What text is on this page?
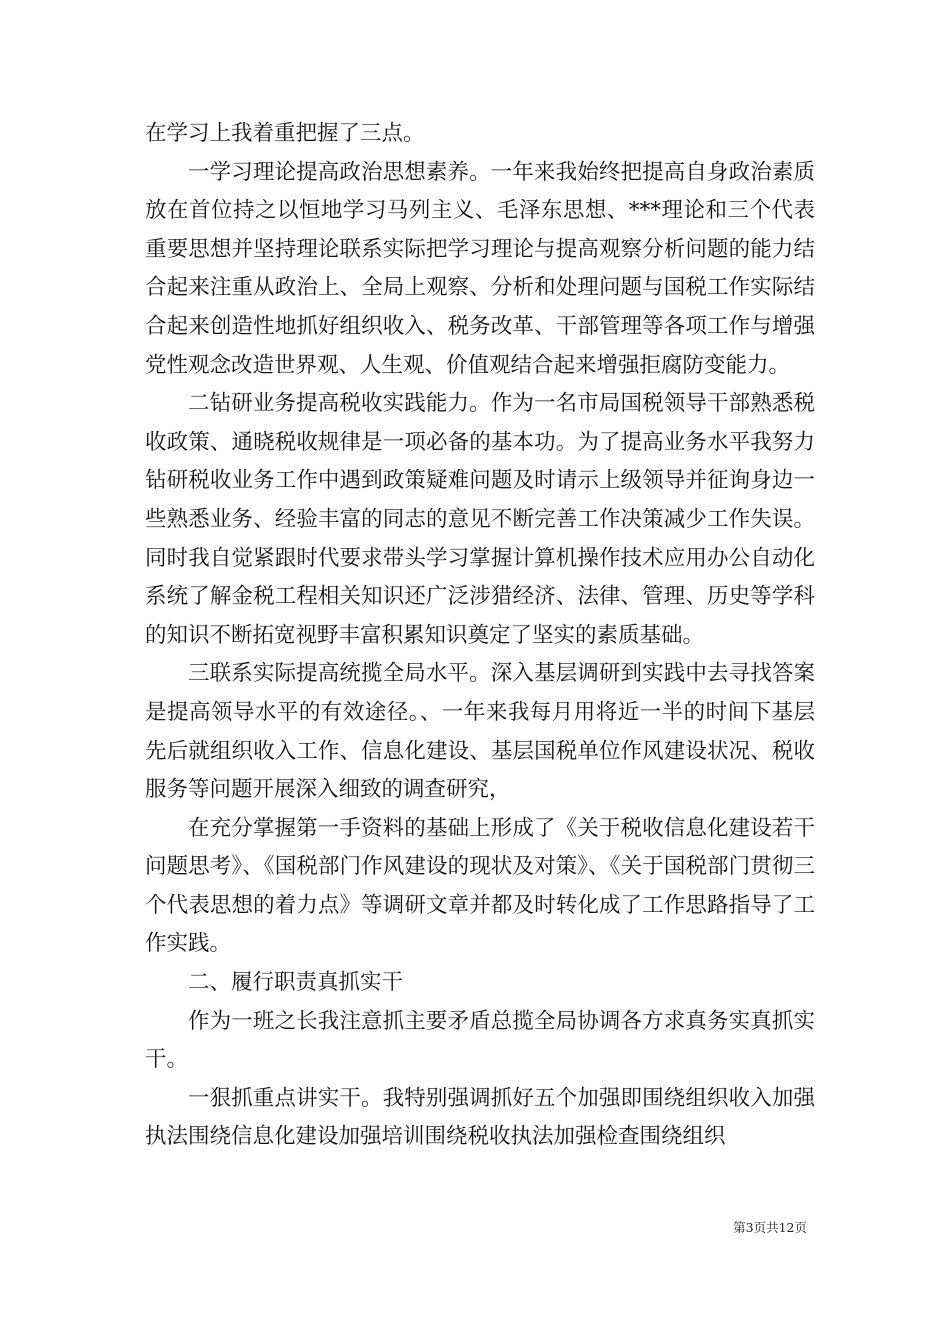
在学习上我着重把握了三点。

一学习理论提高政治思想素养。一年来我始终把提高自身政治素质放在首位持之以恒地学习马列主义、毛泽东思想、***理论和三个代表重要思想并坚持理论联系实际把学习理论与提高观察分析问题的能力结合起来注重从政治上、全局上观察、分析和处理问题与国税工作实际结合起来创造性地抓好组织收入、税务改革、干部管理等各项工作与增强党性观念改造世界观、人生观、价值观结合起来增强拒腐防变能力。

二钻研业务提高税收实践能力。作为一名市局国税领导干部熟悉税收政策、通晓税收规律是一项必备的基本功。为了提高业务水平我努力钻研税收业务工作中遇到政策疑难问题及时请示上级领导并征询身边一些熟悉业务、经验丰富的同志的意见不断完善工作决策减少工作失误。同时我自觉紧跟时代要求带头学习掌握计算机操作技术应用办公自动化系统了解金税工程相关知识还广泛涉猎经济、法律、管理、历史等学科的知识不断拓宽视野丰富积累知识奠定了坚实的素质基础。

三联系实际提高统揽全局水平。深入基层调研到实践中去寻找答案是提高领导水平的有效途径。、一年来我每月用将近一半的时间下基层先后就组织收入工作、信息化建设、基层国税单位作风建设状况、税收服务等问题开展深入细致的调查研究，

在充分掌握第一手资料的基础上形成了《关于税收信息化建设若干问题思考》、《国税部门作风建设的现状及对策》、《关于国税部门贯彻三个代表思想的着力点》等调研文章并都及时转化成了工作思路指导了工作实践。

二、履行职责真抓实干

作为一班之长我注意抓主要矛盾总揽全局协调各方求真务实真抓实干。

一狠抓重点讲实干。我特别强调抓好五个加强即围绕组织收入加强执法围绕信息化建设加强培训围绕税收执法加强检查围绕组织

第3页共12页
